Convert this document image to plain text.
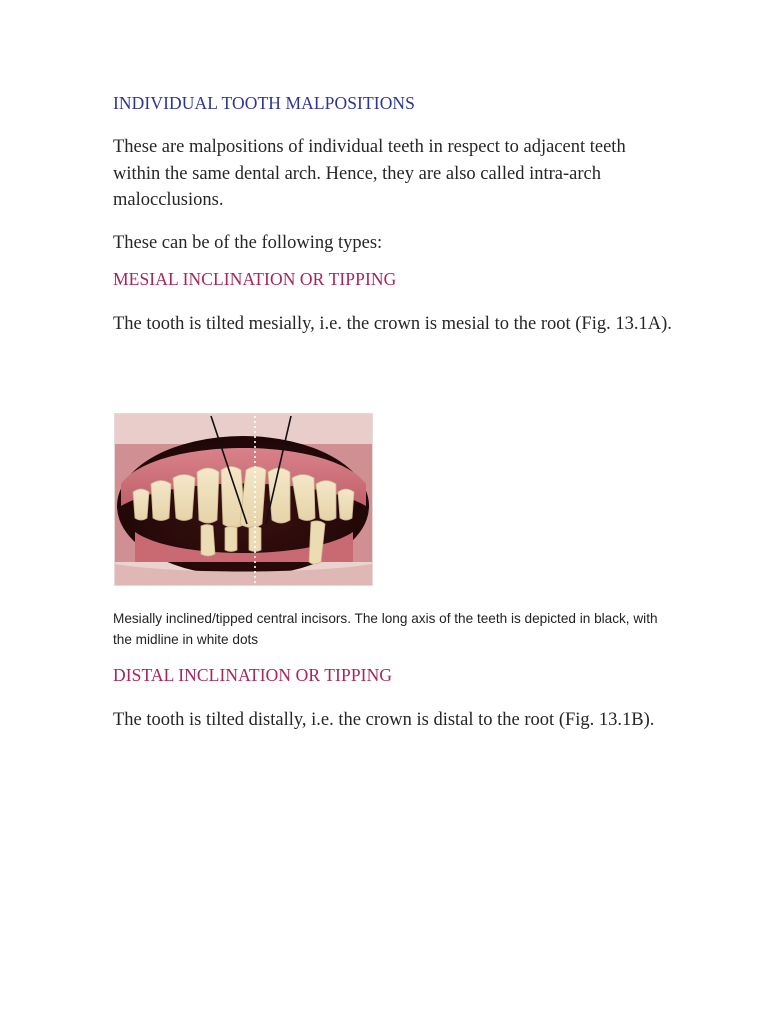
INDIVIDUAL TOOTH MALPOSITIONS

These are malpositions of individual teeth in respect to adjacent teeth within the same dental arch. Hence, they are also called intra-arch malocclusions.

These can be of the following types:

MESIAL INCLINATION OR TIPPING

The tooth is tilted mesially, i.e. the crown is mesial to the root (Fig. 13.1A).

Mesially inclined/tipped central incisors. The long axis of the teeth is depicted in black, with the midline in white dots

DISTAL INCLINATION OR TIPPING

The tooth is tilted distally, i.e. the crown is distal to the root (Fig. 13.1B).
